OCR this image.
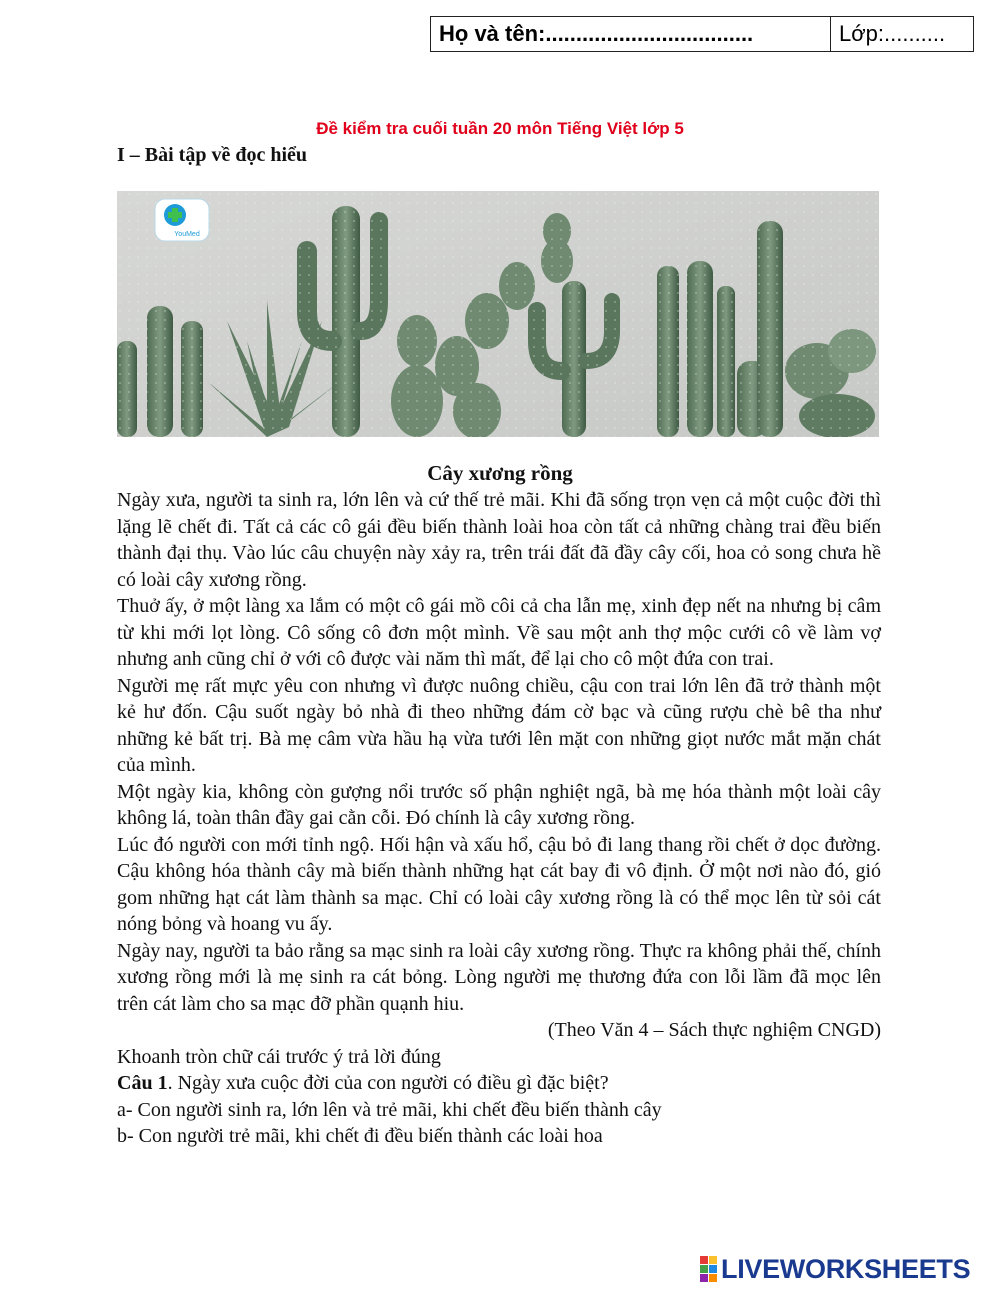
Họ và tên:..................................	Lớp:..........
Đề kiểm tra cuối tuần 20 môn Tiếng Việt lớp 5
I – Bài tập về đọc hiểu
YouMed
Cây xương rồng

Ngày xưa, người ta sinh ra, lớn lên và cứ thế trẻ mãi. Khi đã sống trọn vẹn cả một cuộc đời thì lặng lẽ chết đi. Tất cả các cô gái đều biến thành loài hoa còn tất cả những chàng trai đều biến thành đại thụ. Vào lúc câu chuyện này xảy ra, trên trái đất đã đầy cây cối, hoa cỏ song chưa hề có loài cây xương rồng.

Thuở ấy, ở một làng xa lắm có một cô gái mồ côi cả cha lẫn mẹ, xinh đẹp nết na nhưng bị câm từ khi mới lọt lòng. Cô sống cô đơn một mình. Về sau một anh thợ mộc cưới cô về làm vợ nhưng anh cũng chỉ ở với cô được vài năm thì mất, để lại cho cô một đứa con trai.

Người mẹ rất mực yêu con nhưng vì được nuông chiều, cậu con trai lớn lên đã trở thành một kẻ hư đốn. Cậu suốt ngày bỏ nhà đi theo những đám cờ bạc và cũng rượu chè bê tha như những kẻ bất trị. Bà mẹ câm vừa hầu hạ vừa tưới lên mặt con những giọt nước mắt mặn chát của mình.

Một ngày kia, không còn gượng nổi trước số phận nghiệt ngã, bà mẹ hóa thành một loài cây không lá, toàn thân đầy gai cằn cỗi. Đó chính là cây xương rồng.

Lúc đó người con mới tỉnh ngộ. Hối hận và xấu hổ, cậu bỏ đi lang thang rồi chết ở dọc đường. Cậu không hóa thành cây mà biến thành những hạt cát bay đi vô định. Ở một nơi nào đó, gió gom những hạt cát làm thành sa mạc. Chỉ có loài cây xương rồng là có thể mọc lên từ sỏi cát nóng bỏng và hoang vu ấy.

Ngày nay, người ta bảo rằng sa mạc sinh ra loài cây xương rồng. Thực ra không phải thế, chính xương rồng mới là mẹ sinh ra cát bỏng. Lòng người mẹ thương đứa con lỗi lầm đã mọc lên trên cát làm cho sa mạc đỡ phần quạnh hiu.

(Theo Văn 4 – Sách thực nghiệm CNGD)

Khoanh tròn chữ cái trước ý trả lời đúng

Câu 1. Ngày xưa cuộc đời của con người có điều gì đặc biệt?

a- Con người sinh ra, lớn lên và trẻ mãi, khi chết đều biến thành cây

b- Con người trẻ mãi, khi chết đi đều biến thành các loài hoa

LIVEWORKSHEETS
